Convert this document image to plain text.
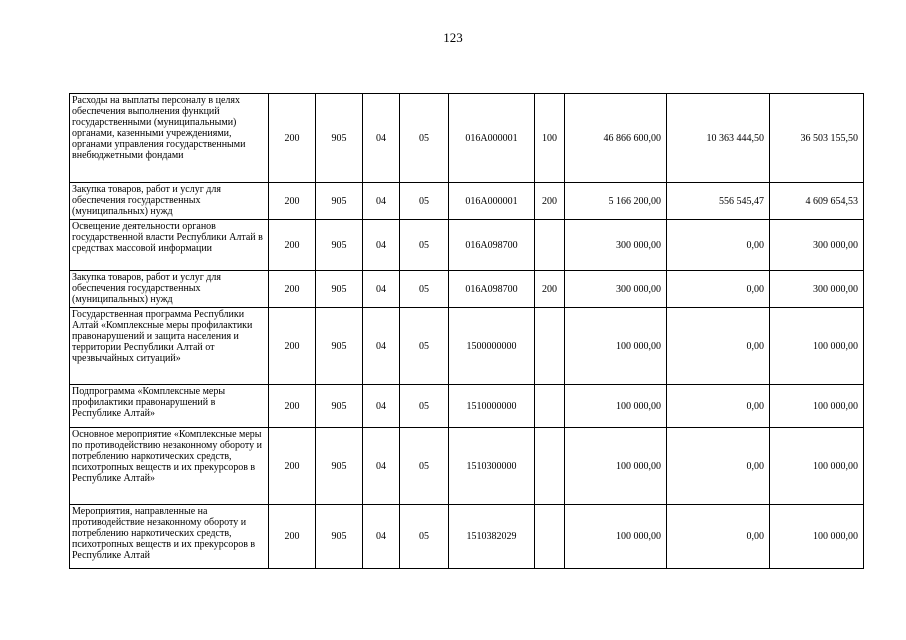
123
Расходы на выплаты персоналу в целях обеспечения выполнения функций государственными (муниципальными) органами, казенными учреждениями, органами управления государственными внебюджетными фондами	200	905	04	05	016A000001	100	46 866 600,00	10 363 444,50	36 503 155,50
Закупка товаров, работ и услуг для обеспечения государственных (муниципальных) нужд	200	905	04	05	016A000001	200	5 166 200,00	556 545,47	4 609 654,53
Освещение деятельности органов государственной власти Республики Алтай в средствах массовой информации	200	905	04	05	016A098700		300 000,00	0,00	300 000,00
Закупка товаров, работ и услуг для обеспечения государственных (муниципальных) нужд	200	905	04	05	016A098700	200	300 000,00	0,00	300 000,00
Государственная программа Республики Алтай «Комплексные меры профилактики правонарушений и защита населения и территории Республики Алтай от чрезвычайных ситуаций»	200	905	04	05	1500000000		100 000,00	0,00	100 000,00
Подпрограмма «Комплексные меры профилактики правонарушений в Республике Алтай»	200	905	04	05	1510000000		100 000,00	0,00	100 000,00
Основное мероприятие «Комплексные меры по противодействию незаконному обороту и потреблению наркотических средств, психотропных веществ и их прекурсоров в Республике Алтай»	200	905	04	05	1510300000		100 000,00	0,00	100 000,00
Мероприятия, направленные на противодействие незаконному обороту и потреблению наркотических средств, психотропных веществ и их прекурсоров в Республике Алтай	200	905	04	05	1510382029		100 000,00	0,00	100 000,00
